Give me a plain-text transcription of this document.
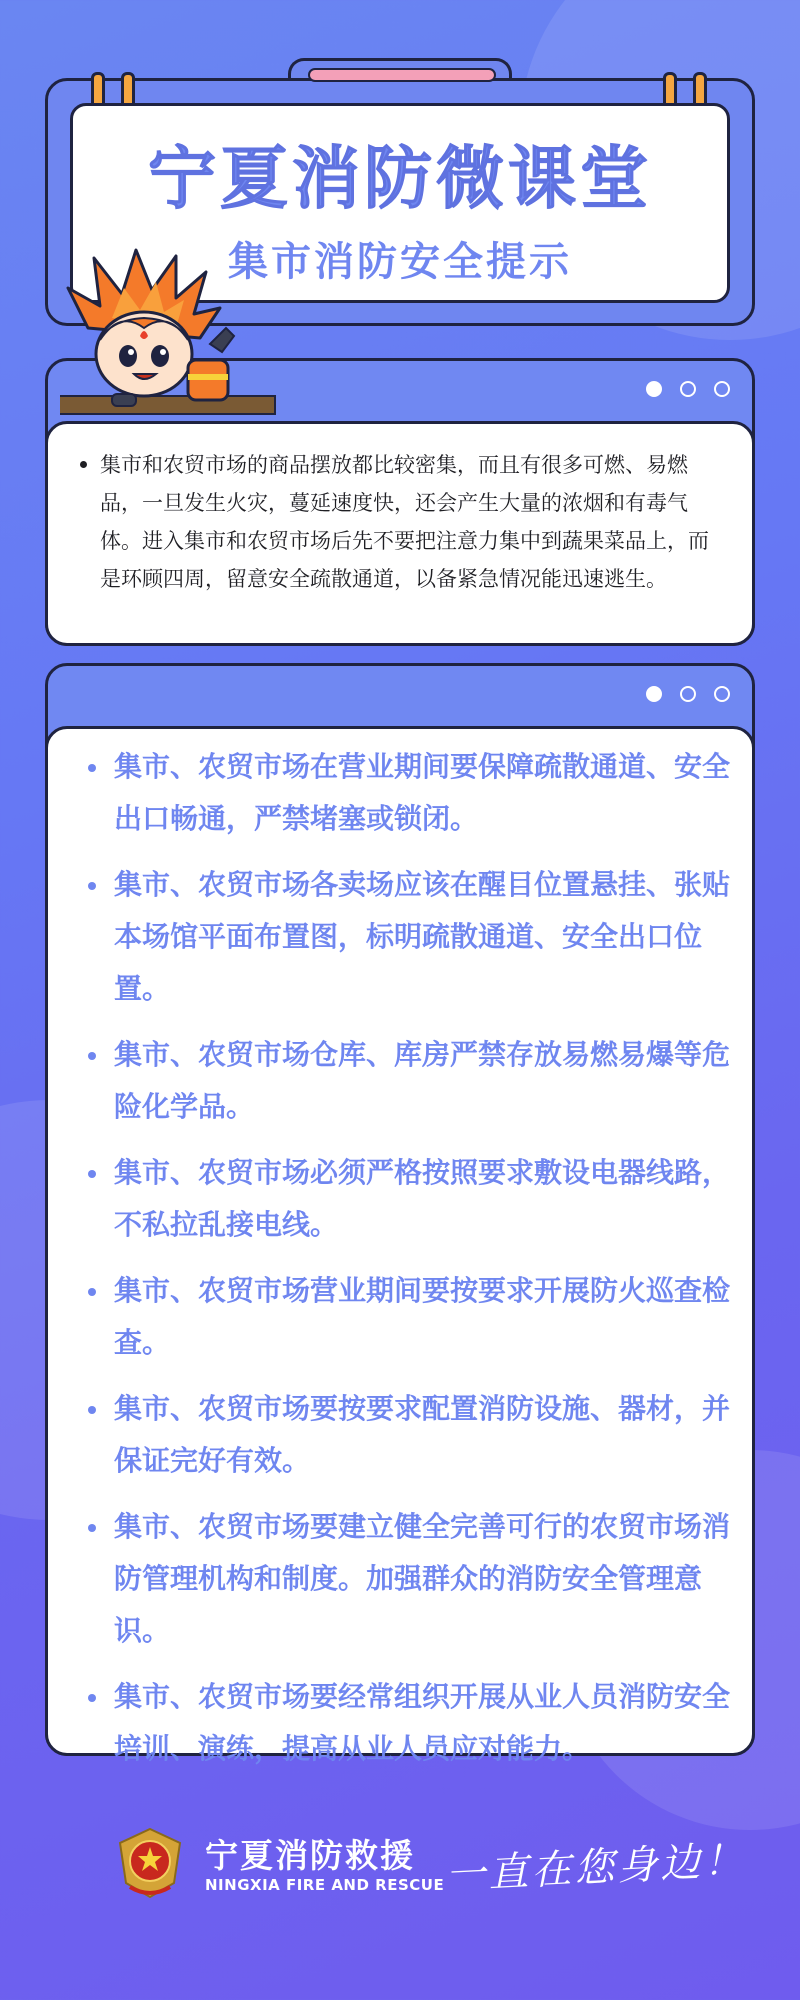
宁夏消防微课堂
集市消防安全提示
集市和农贸市场的商品摆放都比较密集，而且有很多可燃、易燃品，一旦发生火灾，蔓延速度快，还会产生大量的浓烟和有毒气体。进入集市和农贸市场后先不要把注意力集中到蔬果菜品上，而是环顾四周，留意安全疏散通道，以备紧急情况能迅速逃生。
集市、农贸市场在营业期间要保障疏散通道、安全出口畅通，严禁堵塞或锁闭。
集市、农贸市场各卖场应该在醒目位置悬挂、张贴本场馆平面布置图，标明疏散通道、安全出口位置。
集市、农贸市场仓库、库房严禁存放易燃易爆等危险化学品。
集市、农贸市场必须严格按照要求敷设电器线路，不私拉乱接电线。
集市、农贸市场营业期间要按要求开展防火巡查检查。
集市、农贸市场要按要求配置消防设施、器材，并保证完好有效。
集市、农贸市场要建立健全完善可行的农贸市场消防管理机构和制度。加强群众的消防安全管理意识。
集市、农贸市场要经常组织开展从业人员消防安全培训、演练，提高从业人员应对能力。
宁夏消防救援
NINGXIA FIRE AND RESCUE 一直在您身边！
